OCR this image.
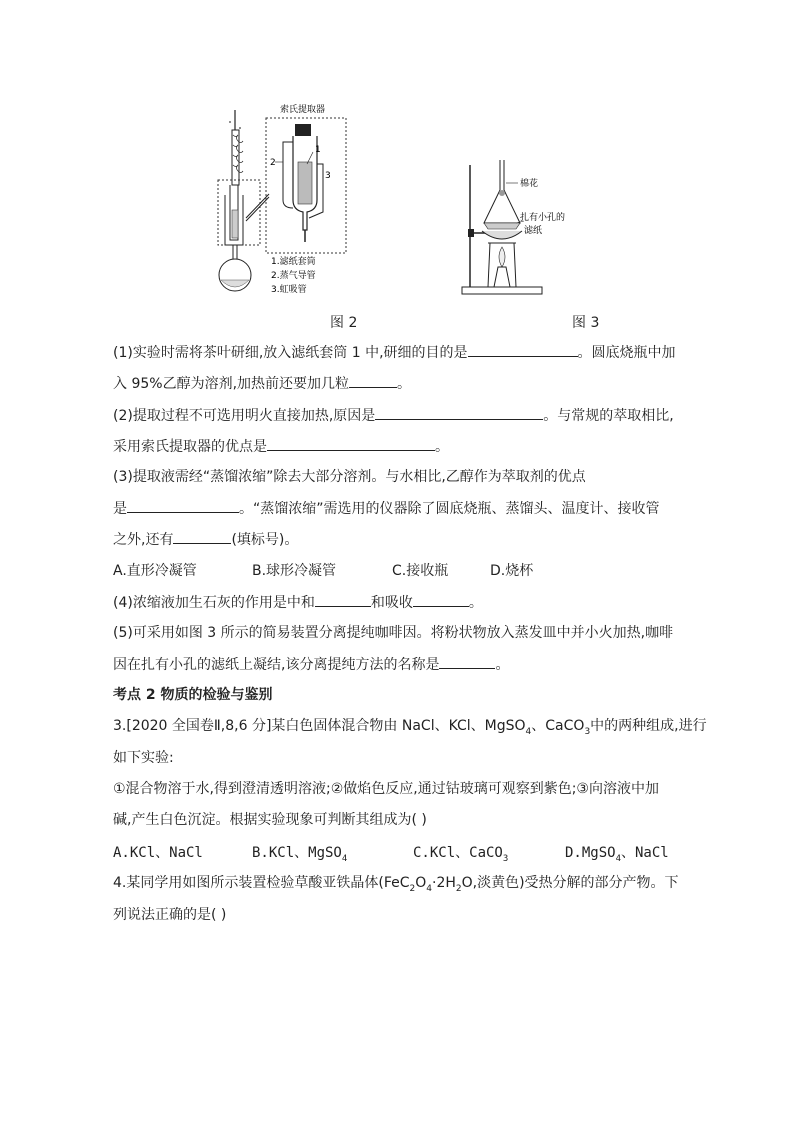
索氏提取器
2
1
3
1.滤纸套筒
2.蒸气导管
3.虹吸管
图 2
棉花
扎有小孔的
滤纸
图 3
(1)实验时需将茶叶研细,放入滤纸套筒 1 中,研细的目的是	。圆底烧瓶中加
入 95%乙醇为溶剂,加热前还要加几粒	。
(2)提取过程不可选用明火直接加热,原因是	。与常规的萃取相比,
采用索氏提取器的优点是	。
(3)提取液需经“蒸馏浓缩”除去大部分溶剂。与水相比,乙醇作为萃取剂的优点
是	。“蒸馏浓缩”需选用的仪器除了圆底烧瓶、蒸馏头、温度计、接收管
之外,还有	(填标号)。
A.直形冷凝管	B.球形冷凝管	C.接收瓶	D.烧杯
(4)浓缩液加生石灰的作用是中和	和吸收	。
(5)可采用如图 3 所示的简易装置分离提纯咖啡因。将粉状物放入蒸发皿中并小火加热,咖啡
因在扎有小孔的滤纸上凝结,该分离提纯方法的名称是	。
考点 2 物质的检验与鉴别
3.[2020 全国卷Ⅱ,8,6 分]某白色固体混合物由 NaCl、KCl、MgSO$_4$、CaCO$_3$中的两种组成,进行
如下实验:
①混合物溶于水,得到澄清透明溶液;②做焰色反应,通过钴玻璃可观察到紫色;③向溶液中加
碱,产生白色沉淀。根据实验现象可判断其组成为( )
A.KCl、NaCl	B.KCl、MgSO$_4$	C.KCl、CaCO$_3$	D.MgSO$_4$、NaCl
4.某同学用如图所示装置检验草酸亚铁晶体($FeC_2O_4\cdot 2H_2O$,淡黄色)受热分解的部分产物。下
列说法正确的是( )
